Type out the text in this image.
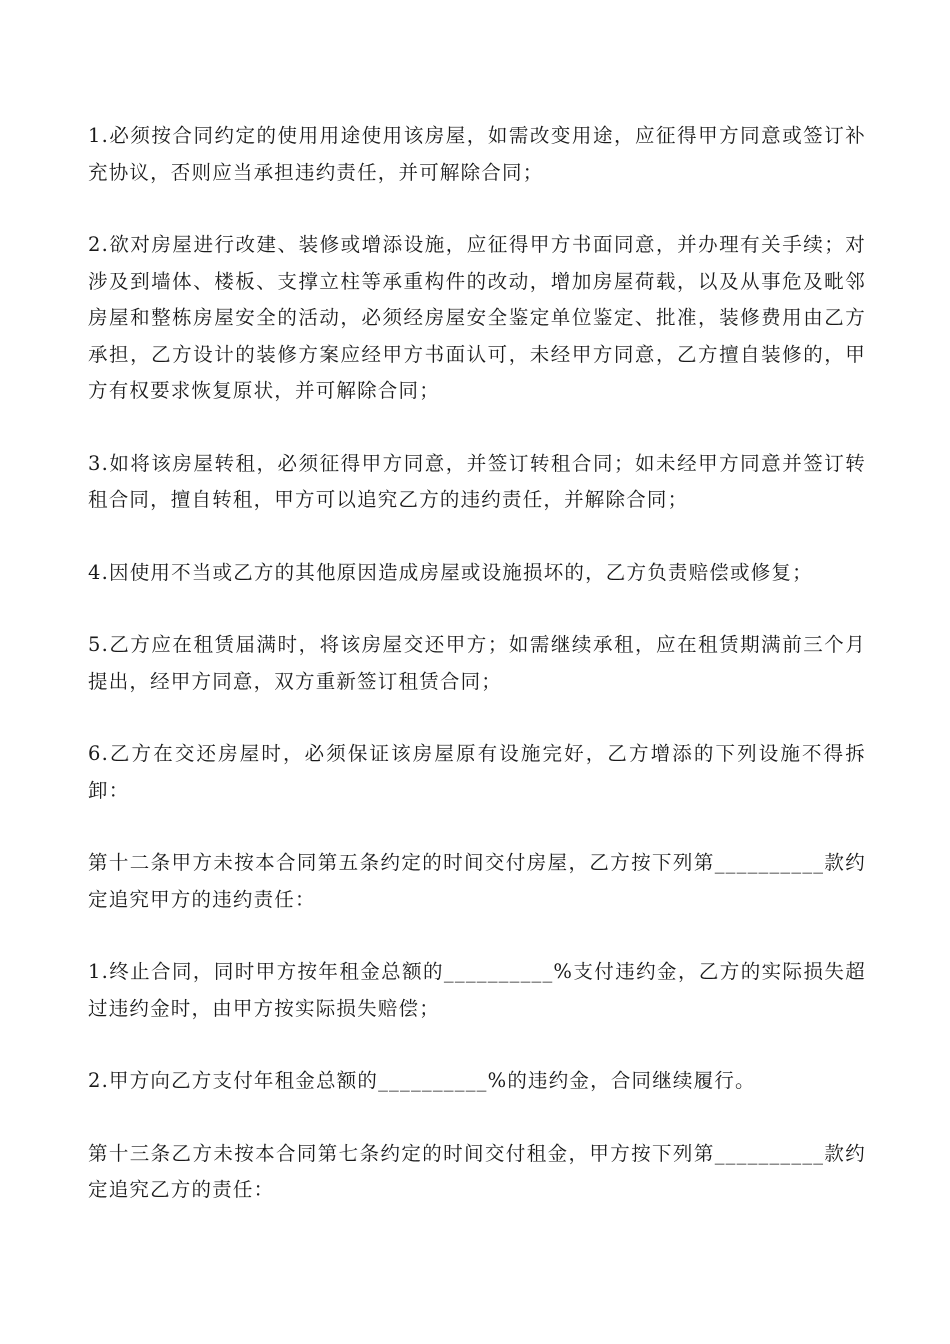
1.必须按合同约定的使用用途使用该房屋，如需改变用途，应征得甲方同意或签订补充协议，否则应当承担违约责任，并可解除合同；

2.欲对房屋进行改建、装修或增添设施，应征得甲方书面同意，并办理有关手续；对涉及到墙体、楼板、支撑立柱等承重构件的改动，增加房屋荷载，以及从事危及毗邻房屋和整栋房屋安全的活动，必须经房屋安全鉴定单位鉴定、批准，装修费用由乙方承担，乙方设计的装修方案应经甲方书面认可，未经甲方同意，乙方擅自装修的，甲方有权要求恢复原状，并可解除合同；

3.如将该房屋转租，必须征得甲方同意，并签订转租合同；如未经甲方同意并签订转租合同，擅自转租，甲方可以追究乙方的违约责任，并解除合同；

4.因使用不当或乙方的其他原因造成房屋或设施损坏的，乙方负责赔偿或修复；

5.乙方应在租赁届满时，将该房屋交还甲方；如需继续承租，应在租赁期满前三个月提出，经甲方同意，双方重新签订租赁合同；

6.乙方在交还房屋时，必须保证该房屋原有设施完好，乙方增添的下列设施不得拆卸：

第十二条甲方未按本合同第五条约定的时间交付房屋，乙方按下列第__________款约定追究甲方的违约责任：

1.终止合同，同时甲方按年租金总额的__________%支付违约金，乙方的实际损失超过违约金时，由甲方按实际损失赔偿；

2.甲方向乙方支付年租金总额的__________%的违约金，合同继续履行。

第十三条乙方未按本合同第七条约定的时间交付租金，甲方按下列第__________款约定追究乙方的责任：
